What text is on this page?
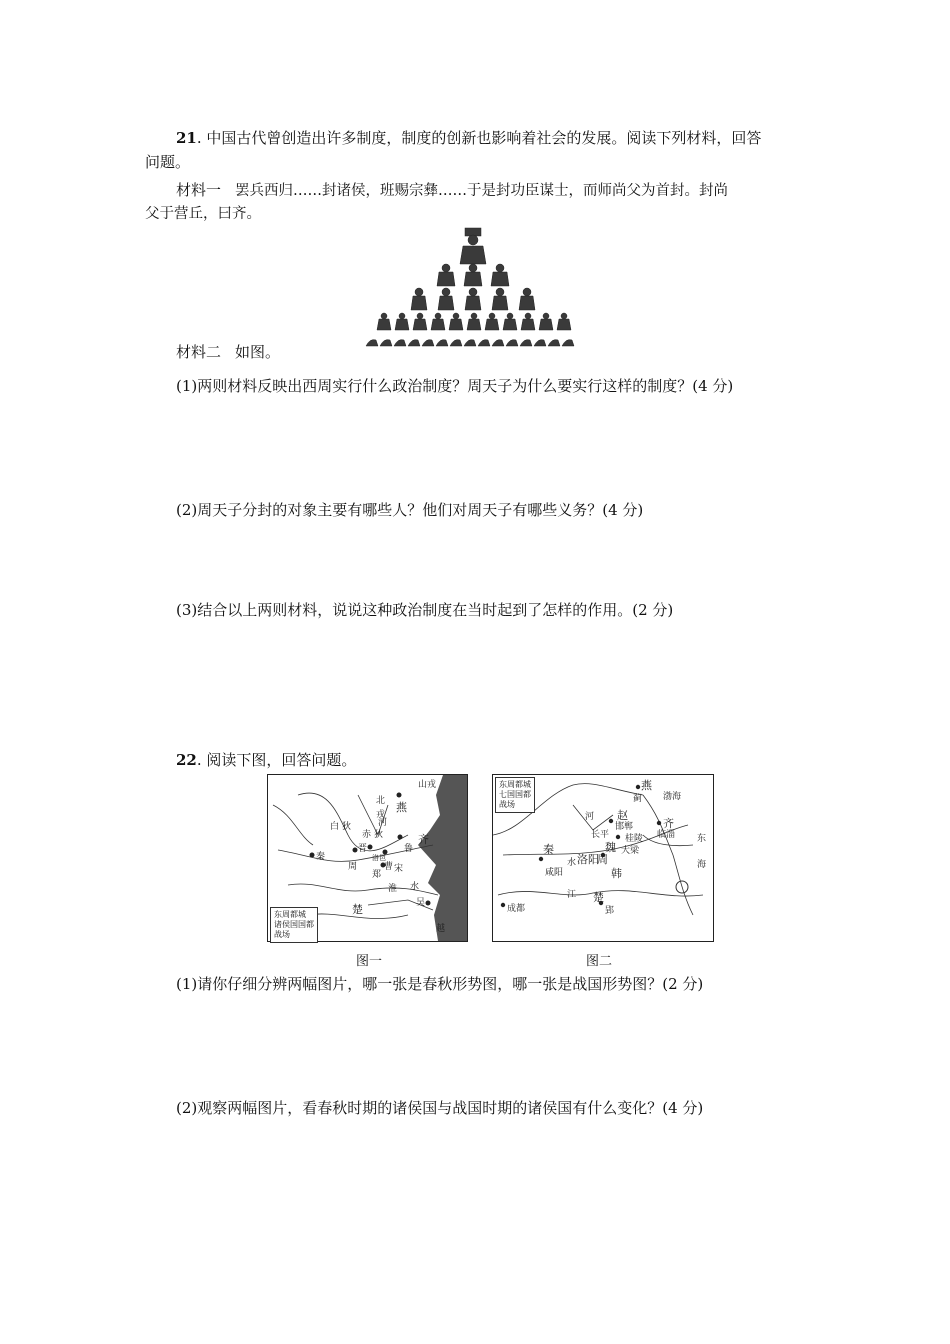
21. 中国古代曾创造出许多制度，制度的创新也影响着社会的发展。阅读下列材料，回答
问题。
材料一 罢兵西归……封诸侯，班赐宗彝……于是封功臣谋士，而师尚父为首封。封尚
父于营丘，曰齐。
材料二 如图。
(1)两则材料反映出西周实行什么政治制度？周天子为什么要实行这样的制度？(4 分)
(2)周天子分封的对象主要有哪些人？他们对周天子有哪些义务？(4 分)
(3)结合以上两则材料，说说这种政治制度在当时起到了怎样的作用。(2 分)
22. 阅读下图，回答问题。
山戎
北 燕
戎
白 狄
赤 狄
河
齐
秦
晋
洛邑
鲁
周
郑
曹 宋
淮 水
楚	吴
越
东周都城
诸侯国国都
战场
图一
燕
蓟 渤海
赵
邯郸
河
长平
齐
临淄 东
魏 大梁
秦
洛阳
周
韩
咸阳
水
桂陵
海
江 楚
郢
成都
东周都城
七国国都
战场
图二
(1)请你仔细分辨两幅图片，哪一张是春秋形势图，哪一张是战国形势图？(2 分)
(2)观察两幅图片，看春秋时期的诸侯国与战国时期的诸侯国有什么变化？(4 分)
